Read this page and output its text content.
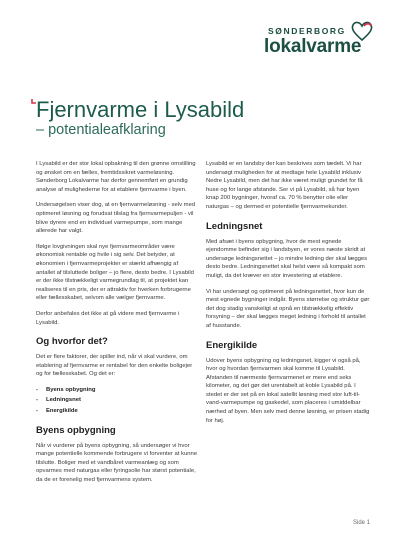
SØNDERBORG
lokalvarme
Fjernvarme i Lysabild
– potentialeafklaring

I Lysabild er der stor lokal opbakning til den grønne omstilling og ønsket om en fælles, fremtidssikret varmeløsning. Sønderborg Lokalvarme har derfor gennemført en grundig analyse af mulighederne for at etablere fjernvarme i byen.

Undersøgelsen viser dog, at en fjernvarmeløsning - selv med optimeret løsning og forudsat tilslag fra fjernvarmepuljen - vil blive dyrere end en individuel varmepumpe, som mange allerede har valgt.

Ifølge lovgivningen skal nye fjernvarmeområder være økonomisk rentable og hvile i sig selv. Det betyder, at økonomien i fjernvarmeprojekter er stærkt afhængig af antallet af tilsluttede boliger – jo flere, desto bedre. I Lysabild er der ikke tilstrækkeligt varmegrundlag til, at projektet kan realiseres til en pris, der er attraktiv for hverken forbrugerne eller fællesskabet, selvom alle vælger fjernvarme.

Derfor anbefales det ikke at gå videre med fjernvarme i Lysabild.

Og hvorfor det?

Det er flere faktorer, der spiller ind, når vi skal vurdere, om etablering af fjernvarme er rentabel for den enkelte boligejer og for fællesskabet. Og det er:

- Byens opbygning
- Ledningsnet
- Energikilde
Byens opbygning

Når vi vurderer på byens opbygning, så undersøger vi hvor mange potentielle kommende forbrugere vi forventer at kunne tilslutte. Boliger med et vandbåret varmeanlæg og som opvarmes med naturgas eller fyringsolie har størst potentiale, da de er forenelig med fjernvarmens system.

Lysabild er en landsby der kan beskrives som tædelt. Vi har undersøgt muligheden for at medtage hele Lysabild inklusiv Nedre Lysabild, men det har ikke været muligt grundet for få huse og for lange afstande. Ser vi på Lysabild, så har byen knap 200 bygninger, hvoraf ca. 70 % benytter olie eller naturgas – og dermed er potentielle fjernvarmekunder.

Ledningsnet

Med afsæt i byens opbygning, hvor de mest egnede ejendomme befinder sig i landsbyen, er vores næste skridt at undersøge ledningsnettet – jo mindre ledning der skal lægges desto bedre. Ledningsnettet skal helst være så kompakt som muligt, da det kræver en stor investering at etablere.

Vi har undersøgt og optimeret på ledningsnettet, hvor kun de mest egnede bygninger indgår. Byens størrelse og struktur gør det dog stadig vanskeligt at opnå en tilstrækkelig effektiv forsyning – der skal lægges meget ledning i forhold til antallet af husstande.

Energikilde

Udover byens opbygning og ledningsnet, kigger vi også på, hvor og hvordan fjernvarmen skal komme til Lysabild. Afstanden til nærmeste fjernvarmenet er mere end seks kilometer, og det gør det urentabelt at koble Lysabild på. I stedet er der set på en lokal satellit løsning med stor luft-til-vand-varmepumpe og gaskedel, som placeres i umiddelbar nærhed af byen. Men selv med denne løsning, er prisen stadig for høj.

Side 1
